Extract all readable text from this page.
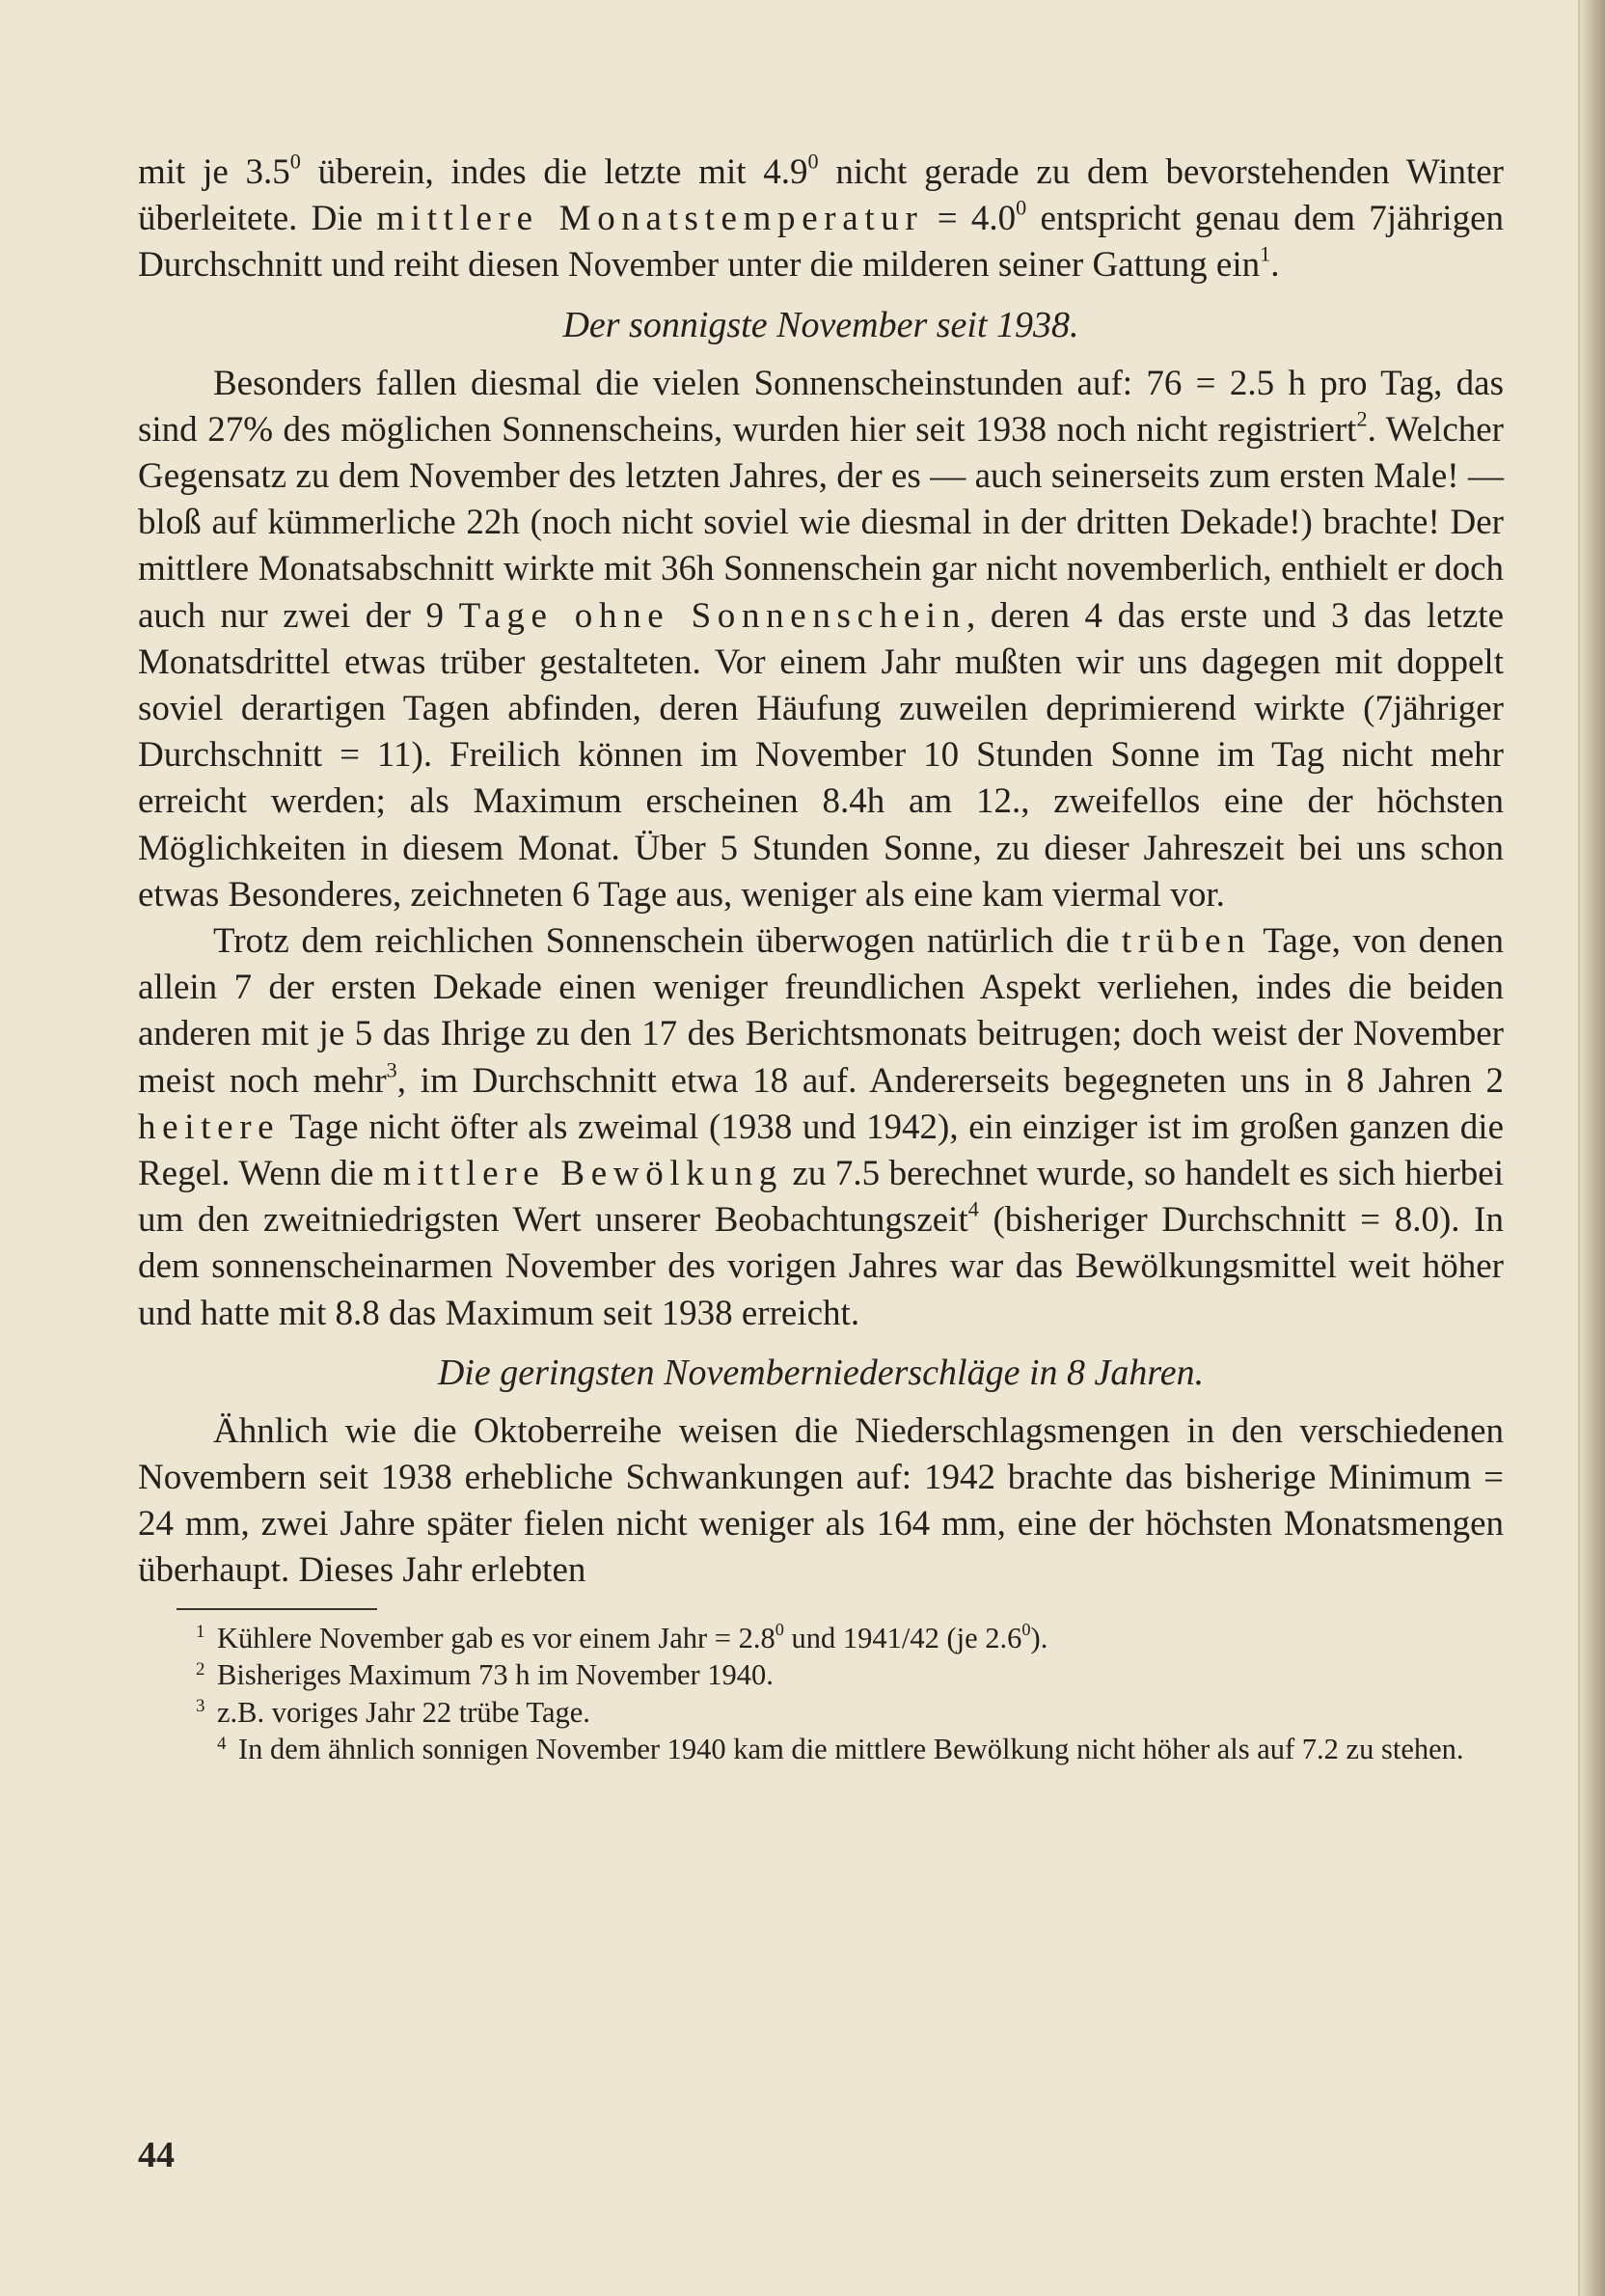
mit je $3.5^0$ überein, indes die letzte mit $4.9^0$ nicht gerade zu dem bevorstehenden Winter überleitete. Die mittlere Monatstemperatur = $4.0^0$ entspricht genau dem 7jährigen Durchschnitt und reiht diesen November unter die milderen seiner Gattung ein$^1$.

Der sonnigste November seit 1938.

Besonders fallen diesmal die vielen Sonnenscheinstunden auf: 76 = 2.5 h pro Tag, das sind 27% des möglichen Sonnenscheins, wurden hier seit 1938 noch nicht registriert$^2$. Welcher Gegensatz zu dem November des letzten Jahres, der es — auch seinerseits zum ersten Male! — bloß auf kümmerliche 22h (noch nicht soviel wie diesmal in der dritten Dekade!) brachte! Der mittlere Monatsabschnitt wirkte mit 36h Sonnenschein gar nicht novemberlich, enthielt er doch auch nur zwei der 9 Tage ohne Sonnenschein, deren 4 das erste und 3 das letzte Monatsdrittel etwas trüber gestalteten. Vor einem Jahr mußten wir uns dagegen mit doppelt soviel derartigen Tagen abfinden, deren Häufung zuweilen deprimierend wirkte (7jähriger Durchschnitt = 11). Freilich können im November 10 Stunden Sonne im Tag nicht mehr erreicht werden; als Maximum erscheinen 8.4h am 12., zweifellos eine der höchsten Möglichkeiten in diesem Monat. Über 5 Stunden Sonne, zu dieser Jahreszeit bei uns schon etwas Besonderes, zeichneten 6 Tage aus, weniger als eine kam viermal vor.

Trotz dem reichlichen Sonnenschein überwogen natürlich die trüben Tage, von denen allein 7 der ersten Dekade einen weniger freundlichen Aspekt verliehen, indes die beiden anderen mit je 5 das Ihrige zu den 17 des Berichtsmonats beitrugen; doch weist der November meist noch mehr$^3$, im Durchschnitt etwa 18 auf. Andererseits begegneten uns in 8 Jahren 2 heitere Tage nicht öfter als zweimal (1938 und 1942), ein einziger ist im großen ganzen die Regel. Wenn die mittlere Bewölkung zu 7.5 berechnet wurde, so handelt es sich hierbei um den zweitniedrigsten Wert unserer Beobachtungszeit$^4$ (bisheriger Durchschnitt = 8.0). In dem sonnenscheinarmen November des vorigen Jahres war das Bewölkungsmittel weit höher und hatte mit 8.8 das Maximum seit 1938 erreicht.

Die geringsten Novemberniederschläge in 8 Jahren.

Ähnlich wie die Oktoberreihe weisen die Niederschlagsmengen in den verschiedenen Novembern seit 1938 erhebliche Schwankungen auf: 1942 brachte das bisherige Minimum = 24 mm, zwei Jahre später fielen nicht weniger als 164 mm, eine der höchsten Monatsmengen überhaupt. Dieses Jahr erlebten

1 Kühlere November gab es vor einem Jahr = $2.8^0$ und 1941/42 (je $2.6^0$).

2 Bisheriges Maximum 73 h im November 1940.

3 z.B. voriges Jahr 22 trübe Tage.

4 In dem ähnlich sonnigen November 1940 kam die mittlere Bewölkung nicht höher als auf 7.2 zu stehen.

44
